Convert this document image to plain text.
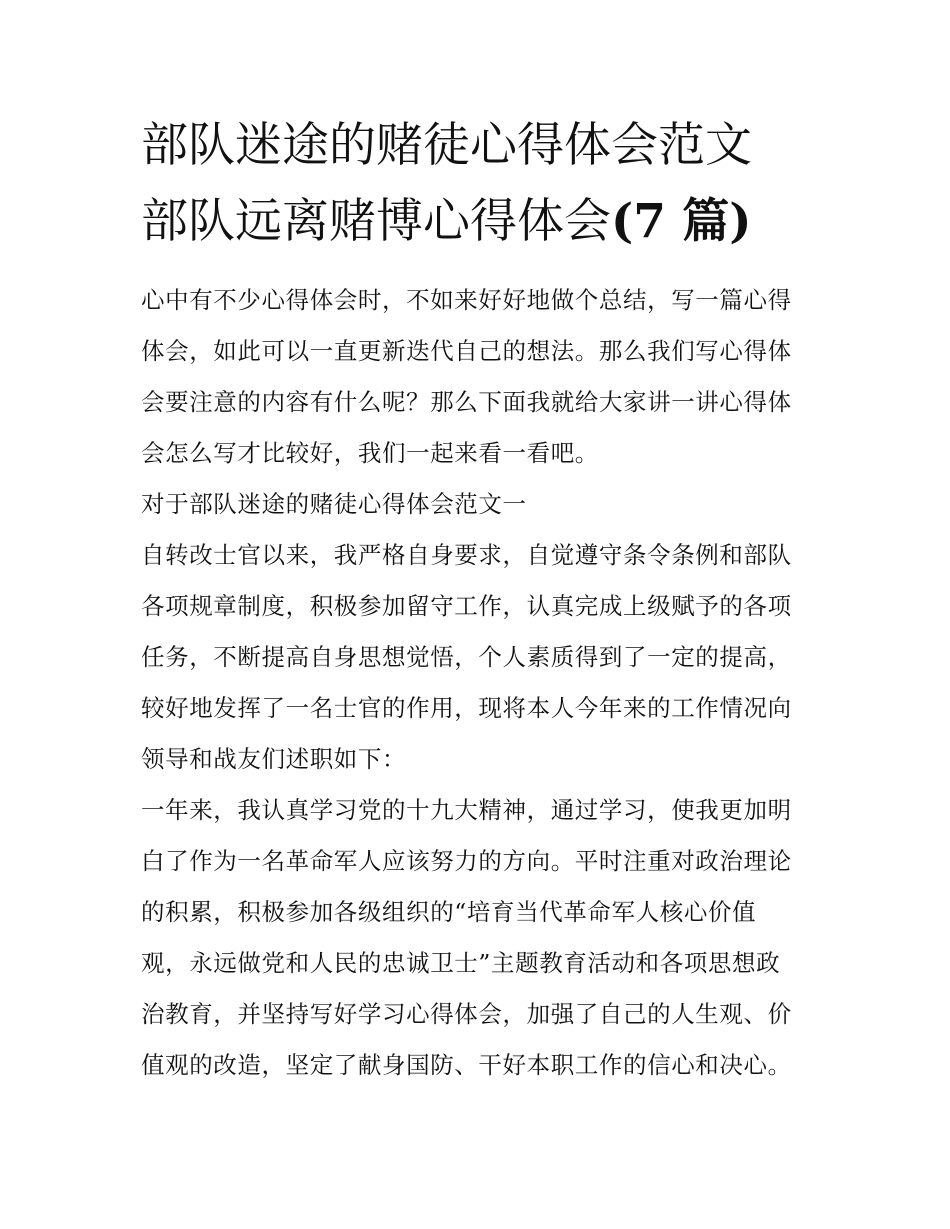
部队迷途的赌徒心得体会范文
部队远离赌博心得体会(7 篇)
心中有不少心得体会时，不如来好好地做个总结，写一篇心得
体会，如此可以一直更新迭代自己的想法。那么我们写心得体
会要注意的内容有什么呢？那么下面我就给大家讲一讲心得体
会怎么写才比较好，我们一起来看一看吧。
对于部队迷途的赌徒心得体会范文一
自转改士官以来，我严格自身要求，自觉遵守条令条例和部队
各项规章制度，积极参加留守工作，认真完成上级赋予的各项
任务，不断提高自身思想觉悟，个人素质得到了一定的提高，
较好地发挥了一名士官的作用，现将本人今年来的工作情况向
领导和战友们述职如下：
一年来，我认真学习党的十九大精神，通过学习，使我更加明
白了作为一名革命军人应该努力的方向。平时注重对政治理论
的积累，积极参加各级组织的“培育当代革命军人核心价值
观，永远做党和人民的忠诚卫士”主题教育活动和各项思想政
治教育，并坚持写好学习心得体会，加强了自己的人生观、价
值观的改造，坚定了献身国防、干好本职工作的信心和决心。
